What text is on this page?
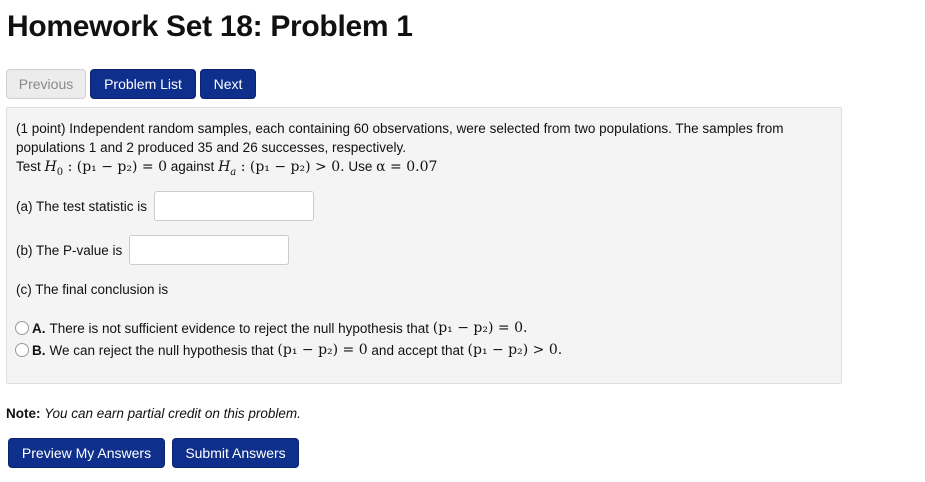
Homework Set 18: Problem 1
Previous	Problem List	Next
(1 point) Independent random samples, each containing 60 observations, were selected from two populations. The samples from populations 1 and 2 produced 35 and 26 successes, respectively.
Test $H_0$ : (p₁ − p₂) = 0 against $H_a$ : (p₁ − p₂) > 0. Use α = 0.07
(a) The test statistic is
(b) The P-value is
(c) The final conclusion is
A. There is not sufficient evidence to reject the null hypothesis that
(p₁ − p₂) = 0.
B. We can reject the null hypothesis that
(p₁ − p₂) = 0
and accept that
(p₁ − p₂) > 0.
Note: You can earn partial credit on this problem.
Preview My Answers	Submit Answers
